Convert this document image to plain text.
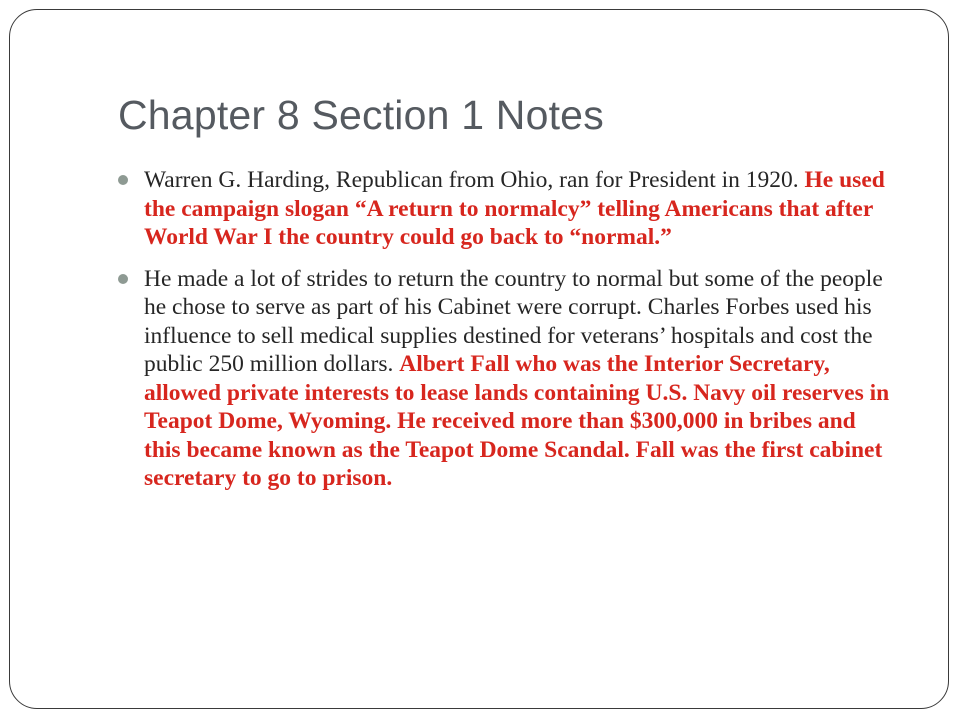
Chapter 8 Section 1 Notes
Warren G. Harding, Republican from Ohio, ran for President in 1920. He used the campaign slogan “A return to normalcy” telling Americans that after World War I the country could go back to “normal.”
He made a lot of strides to return the country to normal but some of the people he chose to serve as part of his Cabinet were corrupt. Charles Forbes used his influence to sell medical supplies destined for veterans’ hospitals and cost the public 250 million dollars. Albert Fall who was the Interior Secretary, allowed private interests to lease lands containing U.S. Navy oil reserves in Teapot Dome, Wyoming. He received more than $300,000 in bribes and this became known as the Teapot Dome Scandal. Fall was the first cabinet secretary to go to prison.
